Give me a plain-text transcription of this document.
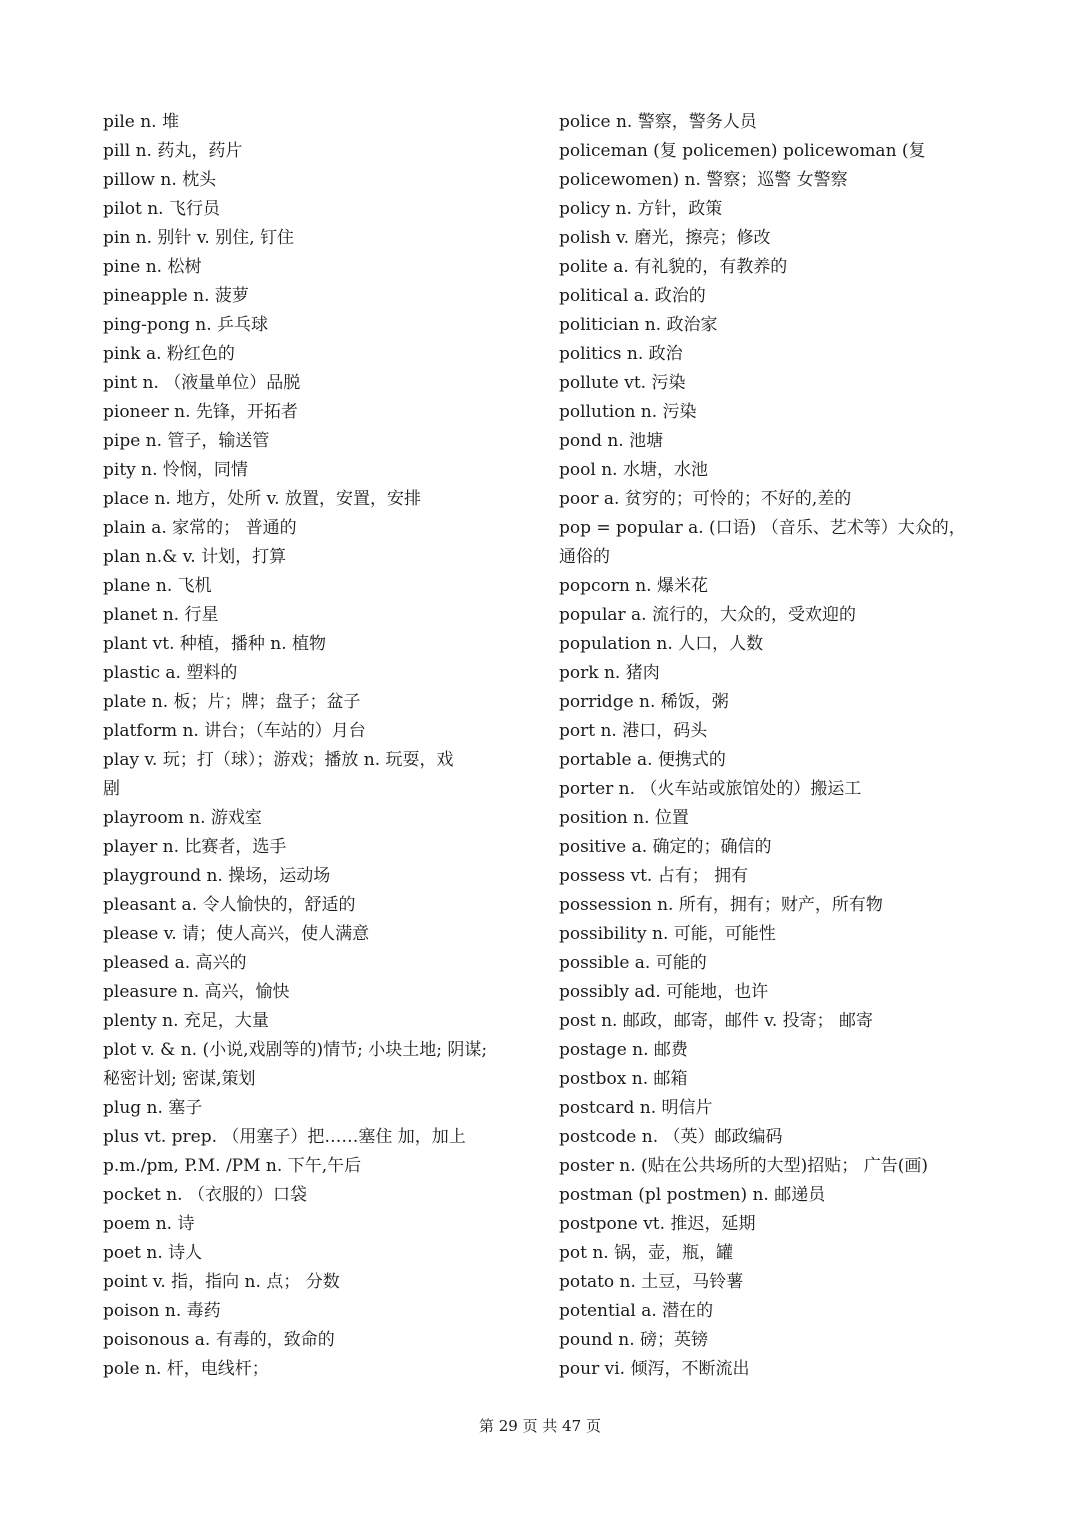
pile n. 堆
pill n. 药丸，药片
pillow n. 枕头
pilot n. 飞行员
pin n. 别针 v. 别住, 钉住
pine n. 松树
pineapple n. 菠萝
ping-pong n. 乒乓球
pink a. 粉红色的
pint n. （液量单位）品脱
pioneer n. 先锋，开拓者
pipe n. 管子，输送管
pity n. 怜悯，同情
place n. 地方，处所 v. 放置，安置，安排
plain a. 家常的； 普通的
plan n.& v. 计划，打算
plane n. 飞机
planet n. 行星
plant vt. 种植，播种 n. 植物
plastic a. 塑料的
plate n. 板；片；牌；盘子；盆子
platform n. 讲台；（车站的）月台
play v. 玩；打（球）；游戏；播放 n. 玩耍，戏
剧
playroom n. 游戏室
player n. 比赛者，选手
playground n. 操场，运动场
pleasant a. 令人愉快的，舒适的
please v. 请；使人高兴，使人满意
pleased a. 高兴的
pleasure n. 高兴，愉快
plenty n. 充足，大量
plot v. & n. (小说,戏剧等的)情节; 小块土地; 阴谋;
秘密计划; 密谋,策划
plug n. 塞子
plus vt. prep. （用塞子）把……塞住 加，加上
p.m./pm, P.M. /PM n. 下午,午后
pocket n. （衣服的）口袋
poem n. 诗
poet n. 诗人
point v. 指，指向 n. 点； 分数
poison n. 毒药
poisonous a. 有毒的，致命的
pole n. 杆，电线杆；
police n. 警察，警务人员
policeman (复 policemen) policewoman (复
policewomen) n. 警察；巡警 女警察
policy n. 方针，政策
polish v. 磨光，擦亮；修改
polite a. 有礼貌的，有教养的
political a. 政治的
politician n. 政治家
politics n. 政治
pollute vt. 污染
pollution n. 污染
pond n. 池塘
pool n. 水塘，水池
poor a. 贫穷的；可怜的；不好的,差的
pop = popular a. (口语) （音乐、艺术等）大众的，
通俗的
popcorn n. 爆米花
popular a. 流行的，大众的，受欢迎的
population n. 人口，人数
pork n. 猪肉
porridge n. 稀饭，粥
port n. 港口，码头
portable a. 便携式的
porter n. （火车站或旅馆处的）搬运工
position n. 位置
positive a. 确定的；确信的
possess vt. 占有； 拥有
possession n. 所有，拥有；财产，所有物
possibility n. 可能，可能性
possible a. 可能的
possibly ad. 可能地，也许
post n. 邮政，邮寄，邮件 v. 投寄； 邮寄
postage n. 邮费
postbox n. 邮箱
postcard n. 明信片
postcode n. （英）邮政编码
poster n. (贴在公共场所的大型)招贴； 广告(画)
postman (pl postmen) n. 邮递员
postpone vt. 推迟，延期
pot n. 锅，壶，瓶，罐
potato n. 土豆，马铃薯
potential a. 潜在的
pound n. 磅；英镑
pour vi. 倾泻，不断流出
第 29 页 共 47 页
